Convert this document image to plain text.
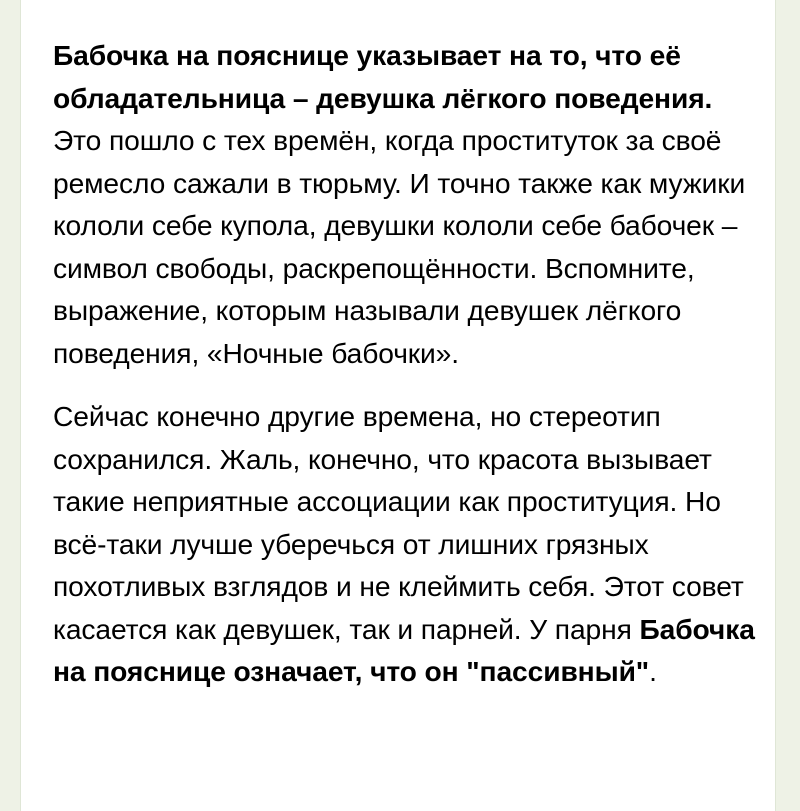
Бабочка на пояснице указывает на то, что её обладательница – девушка лёгкого поведения. Это пошло с тех времён, когда проституток за своё ремесло сажали в тюрьму. И точно также как мужики кололи себе купола, девушки кололи себе бабочек – символ свободы, раскрепощённости. Вспомните, выражение, которым называли девушек лёгкого поведения, «Ночные бабочки».

Сейчас конечно другие времена, но стереотип сохранился. Жаль, конечно, что красота вызывает такие неприятные ассоциации как проституция. Но всё-таки лучше уберечься от лишних грязных похотливых взглядов и не клеймить себя. Этот совет касается как девушек, так и парней. У парня Бабочка на пояснице означает, что он "пассивный".
